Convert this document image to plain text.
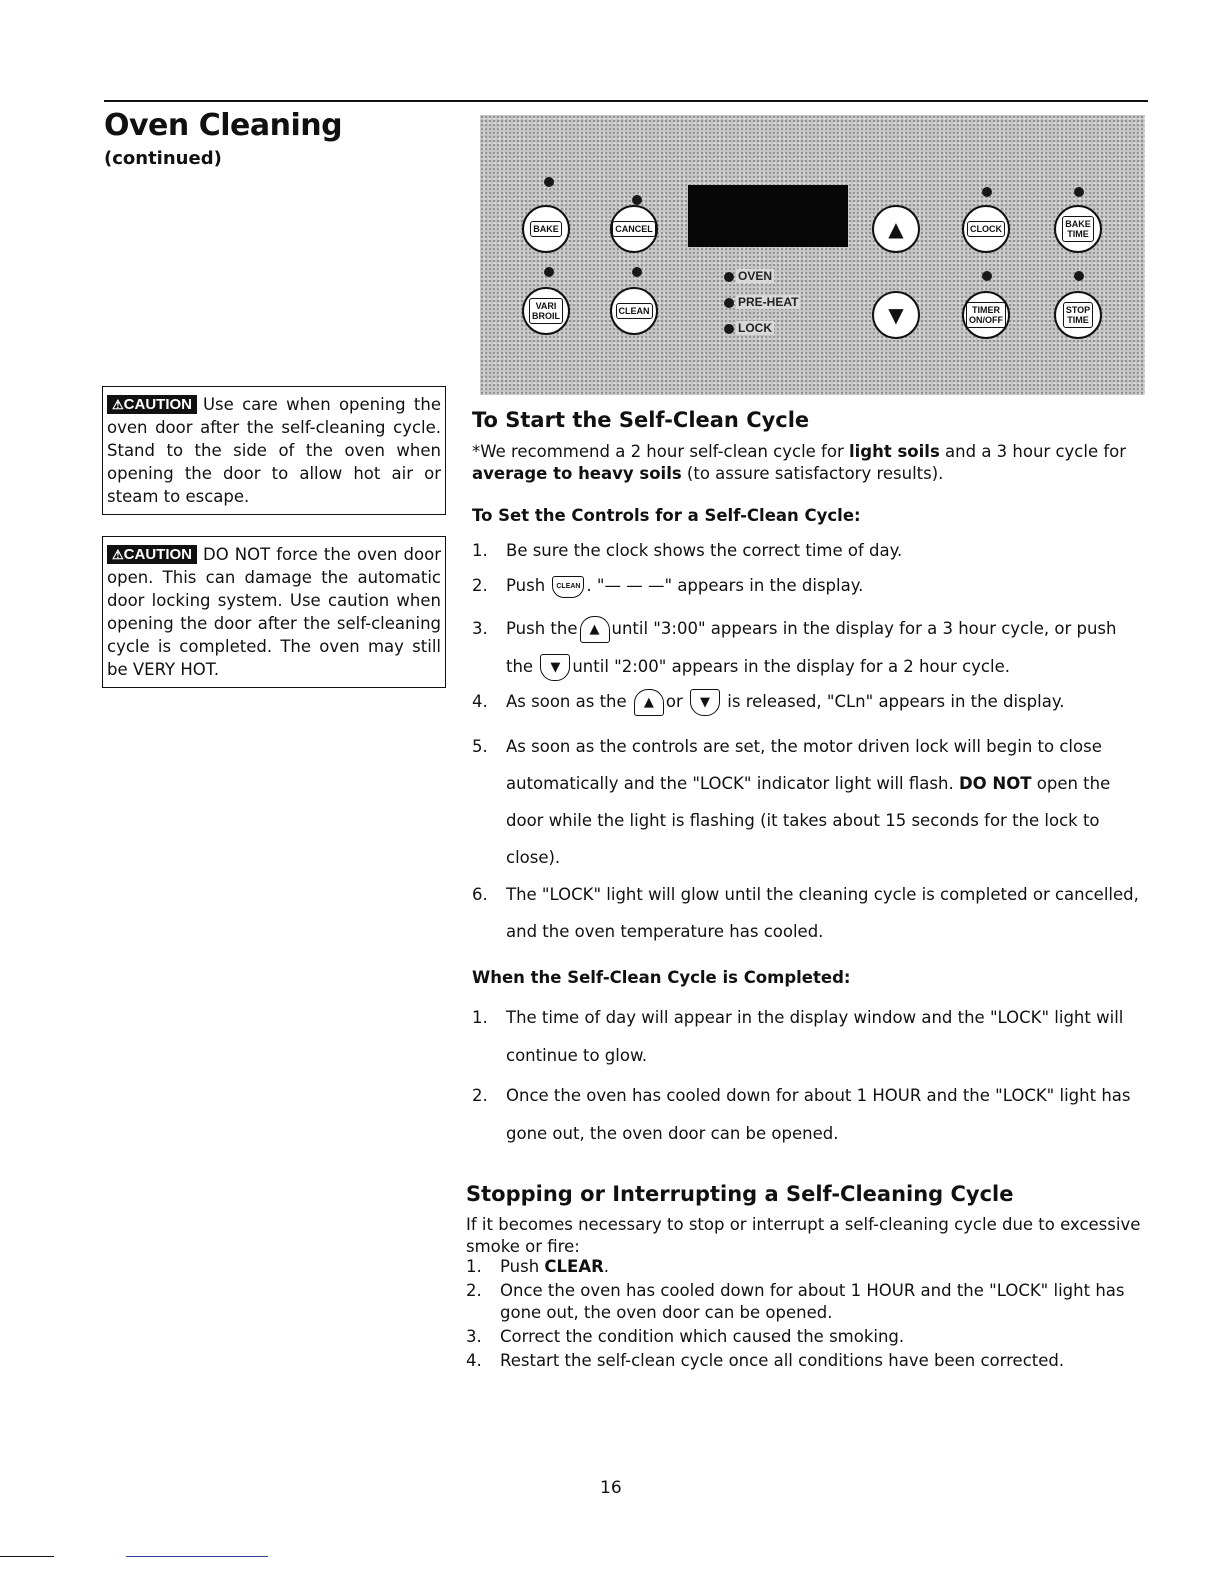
Oven Cleaning
(continued)
BAKE	CANCEL	▲	CLOCK	BAKE
TIME
VARI
BROIL	CLEAN
OVEN
PRE-HEAT
LOCK
▼	TIMER
ON/OFF
STOP
TIME
⚠CAUTION Use care when opening the oven door after the self-cleaning cycle. Stand to the side of the oven when opening the door to allow hot air or steam to escape.
⚠CAUTION DO NOT force the oven door open. This can damage the automatic door locking system. Use caution when opening the door after the self-cleaning cycle is completed. The oven may still be VERY HOT.
To Start the Self-Clean Cycle
*We recommend a 2 hour self-clean cycle for light soils and a 3 hour cycle for average to heavy soils (to assure satisfactory results).
To Set the Controls for a Self-Clean Cycle:
1. Be sure the clock shows the correct time of day.
2. Push CLEAN . "— — —" appears in the display.
3. Push the ▲ until "3:00" appears in the display for a 3 hour cycle, or push
the ▼ until "2:00" appears in the display for a 2 hour cycle.
4. As soon as the ▲ or ▼ is released, "CLn" appears in the display.
5. As soon as the controls are set, the motor driven lock will begin to close automatically and the "LOCK" indicator light will flash. DO NOT open the door while the light is flashing (it takes about 15 seconds for the lock to close).
6. The "LOCK" light will glow until the cleaning cycle is completed or cancelled, and the oven temperature has cooled.
When the Self-Clean Cycle is Completed:
1. The time of day will appear in the display window and the "LOCK" light will continue to glow.
2. Once the oven has cooled down for about 1 HOUR and the "LOCK" light has gone out, the oven door can be opened.
Stopping or Interrupting a Self-Cleaning Cycle
If it becomes necessary to stop or interrupt a self-cleaning cycle due to excessive smoke or fire:
1. Push CLEAR.
2. Once the oven has cooled down for about 1 HOUR and the "LOCK" light has gone out, the oven door can be opened.
3. Correct the condition which caused the smoking.
4. Restart the self-clean cycle once all conditions have been corrected.
16
